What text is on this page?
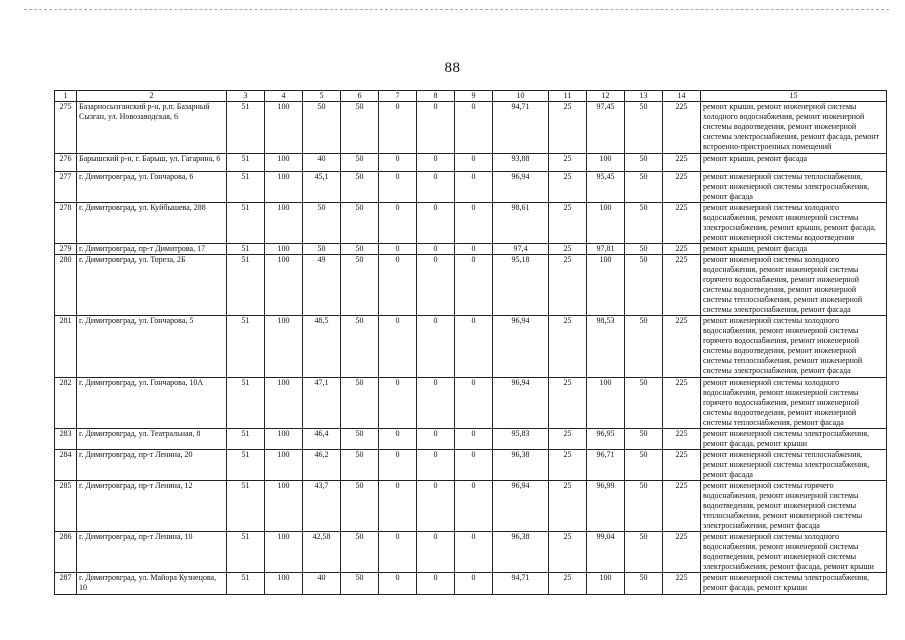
88
1	2	3	4	5	6	7	8	9	10	11	12	13	14	15
275	Базарносызганский р-н, р.п. Базарный Сызган, ул. Новозаводская, 6	51	100	50	50	0	0	0	94,71	25	97,45	50	225	ремонт крыши, ремонт инженерной системы холодного водоснабжения, ремонт инженерной системы водоотведения, ремонт инженерной системы электроснабжения, ремонт фасада, ремонт встроенно-пристроенных помещений
276	Барышский р-н, г. Барыш, ул. Гагарина, 6	51	100	40	50	0	0	0	93,88	25	100	50	225	ремонт крыши, ремонт фасада
277	г. Димитровград, ул. Гончарова, 6	51	100	45,1	50	0	0	0	96,94	25	95,45	50	225	ремонт инженерной системы теплоснабжения, ремонт инженерной системы электроснабжения, ремонт фасада
278	г. Димитровград, ул. Куйбышева, 288	51	100	50	50	0	0	0	98,61	25	100	50	225	ремонт инженерной системы холодного водоснабжения, ремонт инженерной системы электроснабжения, ремонт крыши, ремонт фасада, ремонт инженерной системы водоотведения
279	г. Димитровград, пр-т Димитрова, 17	51	100	50	50	0	0	0	97,4	25	97,81	50	225	ремонт крыши, ремонт фасада
280	г. Димитровград, ул. Тореза, 2Б	51	100	49	50	0	0	0	95,18	25	100	50	225	ремонт инженерной системы холодного водоснабжения, ремонт инженерной системы горячего водоснабжения, ремонт инженерной системы водоотведения, ремонт инженерной системы теплоснабжения, ремонт инженерной системы электроснабжения, ремонт фасада
281	г. Димитровград, ул. Гончарова, 5	51	100	48,5	50	0	0	0	96,94	25	98,53	50	225	ремонт инженерной системы холодного водоснабжения, ремонт инженерной системы горячего водоснабжения, ремонт инженерной системы водоотведения, ремонт инженерной системы теплоснабжения, ремонт инженерной системы электроснабжения, ремонт фасада
282	г. Димитровград, ул. Гончарова, 10А	51	100	47,1	50	0	0	0	96,94	25	100	50	225	ремонт инженерной системы холодного водоснабжения, ремонт инженерной системы горячего водоснабжения, ремонт инженерной системы водоотведения, ремонт инженерной системы теплоснабжения, ремонт фасада
283	г. Димитровград, ул. Театральная, 8	51	100	46,4	50	0	0	0	95,83	25	96,95	50	225	ремонт инженерной системы электроснабжения, ремонт фасада, ремонт крыши
284	г. Димитровград, пр-т Ленина, 20	51	100	46,2	50	0	0	0	96,38	25	96,71	50	225	ремонт инженерной системы теплоснабжения, ремонт инженерной системы электроснабжения, ремонт фасада
285	г. Димитровград, пр-т Ленина, 12	51	100	43,7	50	0	0	0	96,94	25	96,99	50	225	ремонт инженерной системы горячего водоснабжения, ремонт инженерной системы водоотведения, ремонт инженерной системы теплоснабжения, ремонт инженерной системы электроснабжения, ремонт фасада
286	г. Димитровград, пр-т Ленина, 10	51	100	42,58	50	0	0	0	96,38	25	99,04	50	225	ремонт инженерной системы холодного водоснабжения, ремонт инженерной системы водоотведения, ремонт инженерной системы электроснабжения, ремонт фасада, ремонт крыши
287	г. Димитровград, ул. Майора Кузнецова, 10	51	100	40	50	0	0	0	94,71	25	100	50	225	ремонт инженерной системы электроснабжения, ремонт фасада, ремонт крыши
